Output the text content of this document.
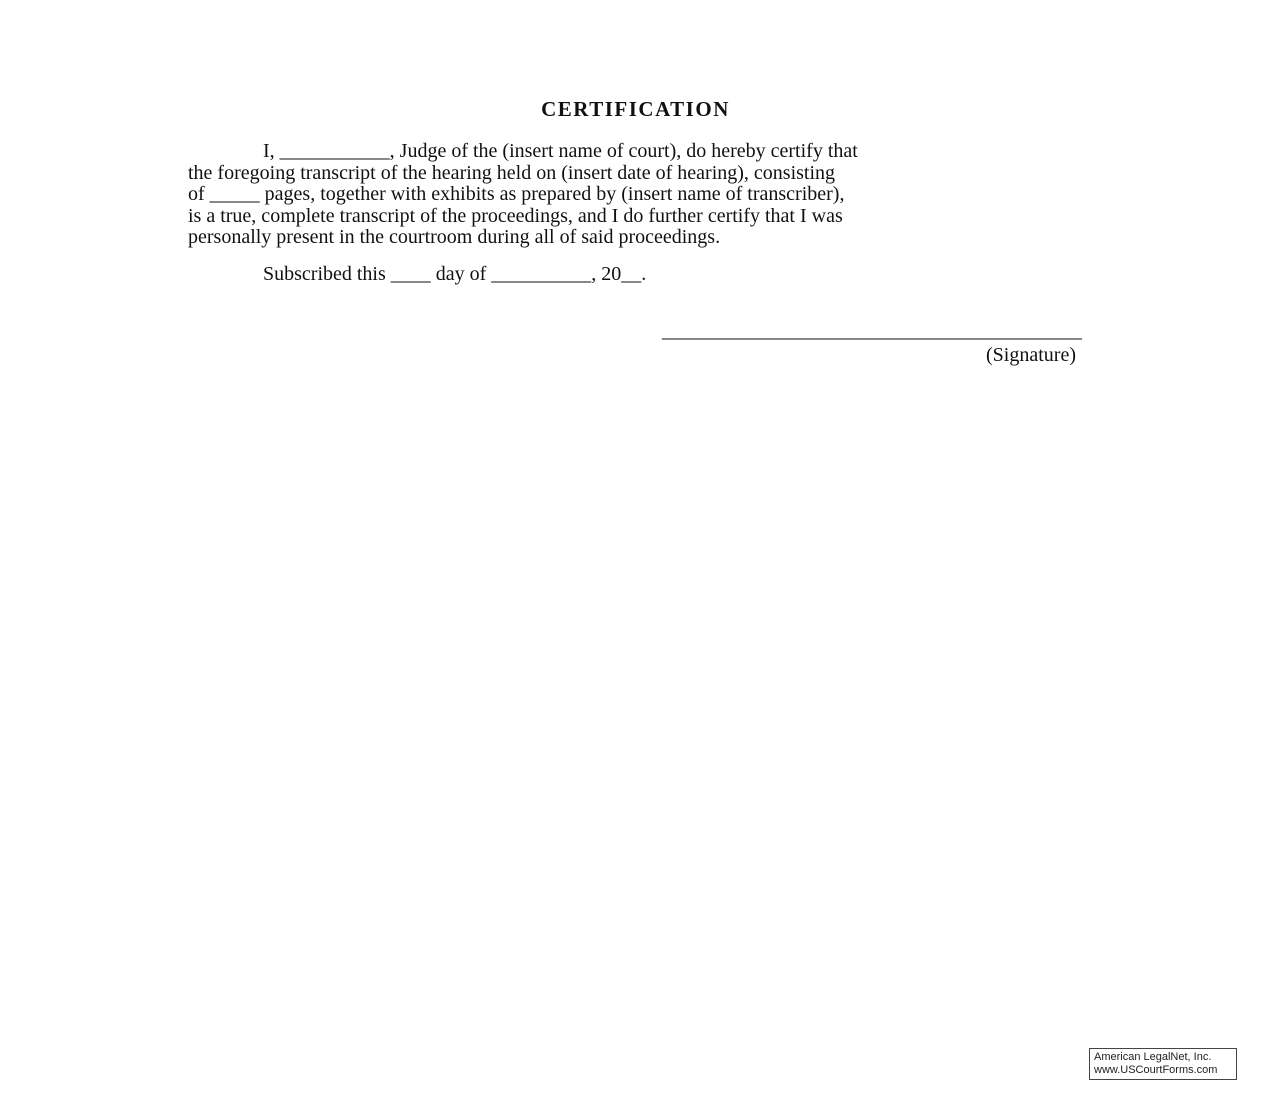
CERTIFICATION
I, ___________, Judge of the (insert name of court), do hereby certify that
the foregoing transcript of the hearing held on (insert date of hearing), consisting
of _____ pages, together with exhibits as prepared by (insert name of transcriber),
is a true, complete transcript of the proceedings, and I do further certify that I was
personally present in the courtroom during all of said proceedings.
Subscribed this ____ day of __________, 20__.
__________________________________________
(Signature)
American LegalNet, Inc.
www.USCourtForms.com
